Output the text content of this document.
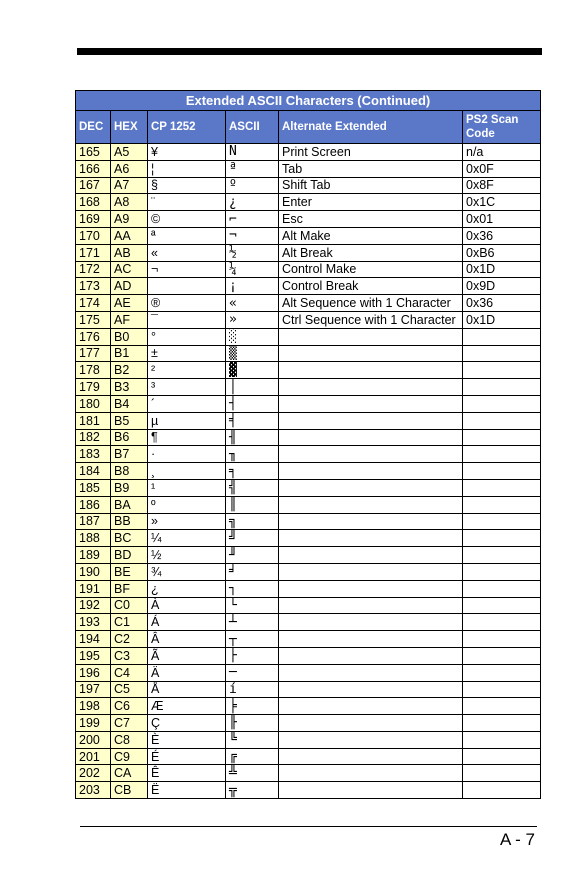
Extended ASCII Characters (Continued)					
DEC	HEX	CP 1252	ASCII	Alternate Extended	PS2 Scan Code
165	A5	¥	Ñ	Print Screen	n/a
166	A6	¦	ª	Tab	0x0F
167	A7	§	º	Shift Tab	0x8F
168	A8	¨	¿	Enter	0x1C
169	A9	©	⌐	Esc	0x01
170	AA	ª	¬	Alt Make	0x36
171	AB	«	½	Alt Break	0xB6
172	AC	¬	¼	Control Make	0x1D
173	AD		¡	Control Break	0x9D
174	AE	®	«	Alt Sequence with 1 Character	0x36
175	AF	¯	»	Ctrl Sequence with 1 Character	0x1D
176	B0	°	░		
177	B1	±	▒		
178	B2	²	▓		
179	B3	³	│		
180	B4	´	┤		
181	B5	µ	╡		
182	B6	¶	╢		
183	B7	·	╖		
184	B8	¸	╕		
185	B9	¹	╣		
186	BA	º	║		
187	BB	»	╗		
188	BC	¼	╝		
189	BD	½	╜		
190	BE	¾	╛		
191	BF	¿	┐		
192	C0	À	└		
193	C1	Á	┴		
194	C2	Â	┬		
195	C3	Ã	├		
196	C4	Ä	─		
197	C5	Å	í		
198	C6	Æ	╞		
199	C7	Ç	╟		
200	C8	È	╚		
201	C9	É	╔		
202	CA	Ê	╩		
203	CB	Ë	╦		
A - 7
